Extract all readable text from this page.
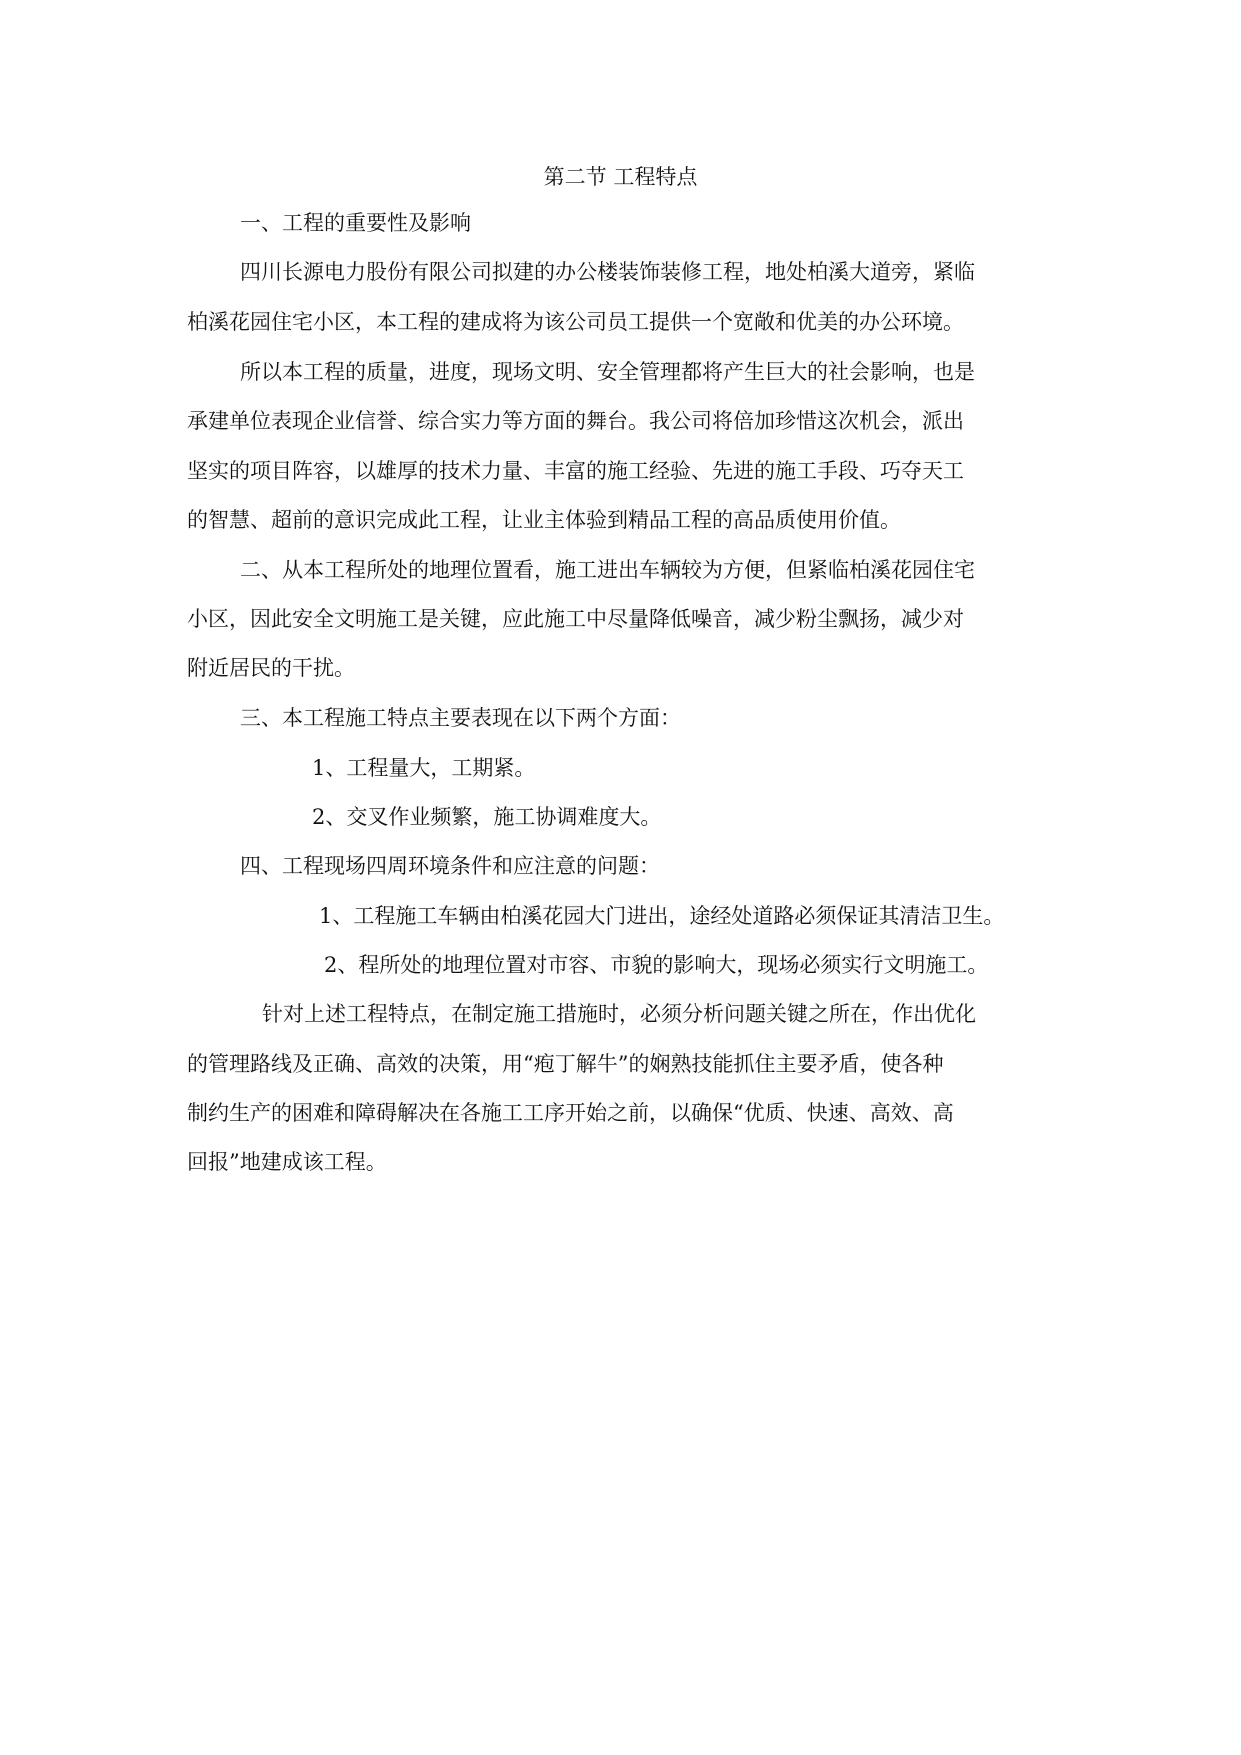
第二节 工程特点
一、工程的重要性及影响
四川长源电力股份有限公司拟建的办公楼装饰装修工程，地处柏溪大道旁，紧临
柏溪花园住宅小区，本工程的建成将为该公司员工提供一个宽敞和优美的办公环境。
所以本工程的质量，进度，现场文明、安全管理都将产生巨大的社会影响，也是
承建单位表现企业信誉、综合实力等方面的舞台。我公司将倍加珍惜这次机会，派出
坚实的项目阵容，以雄厚的技术力量、丰富的施工经验、先进的施工手段、巧夺天工
的智慧、超前的意识完成此工程，让业主体验到精品工程的高品质使用价值。
二、从本工程所处的地理位置看，施工进出车辆较为方便，但紧临柏溪花园住宅
小区，因此安全文明施工是关键，应此施工中尽量降低噪音，减少粉尘飘扬，减少对
附近居民的干扰。
三、本工程施工特点主要表现在以下两个方面：
1、工程量大，工期紧。
2、交叉作业频繁，施工协调难度大。
四、工程现场四周环境条件和应注意的问题：
1、工程施工车辆由柏溪花园大门进出，途经处道路必须保证其清洁卫生。
2、程所处的地理位置对市容、市貌的影响大，现场必须实行文明施工。
针对上述工程特点，在制定施工措施时，必须分析问题关键之所在，作出优化
的管理路线及正确、高效的决策，用“疱丁解牛”的娴熟技能抓住主要矛盾，使各种
制约生产的困难和障碍解决在各施工工序开始之前，以确保“优质、快速、高效、高
回报”地建成该工程。
